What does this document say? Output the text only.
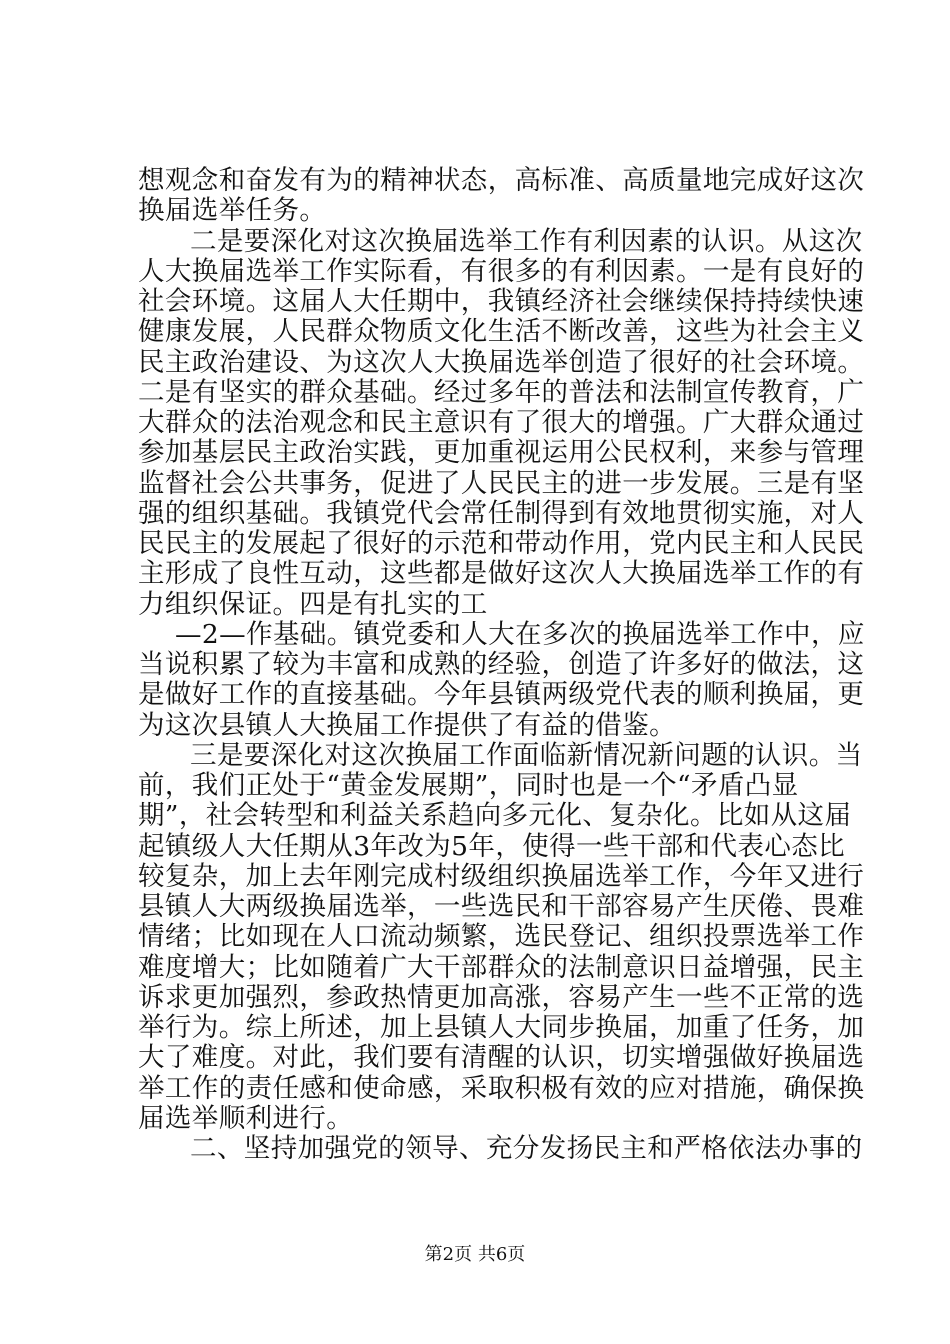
想观念和奋发有为的精神状态，高标准、高质量地完成好这次
换届选举任务。
二是要深化对这次换届选举工作有利因素的认识。从这次
人大换届选举工作实际看，有很多的有利因素。一是有良好的
社会环境。这届人大任期中，我镇经济社会继续保持持续快速
健康发展，人民群众物质文化生活不断改善，这些为社会主义
民主政治建设、为这次人大换届选举创造了很好的社会环境。
二是有坚实的群众基础。经过多年的普法和法制宣传教育，广
大群众的法治观念和民主意识有了很大的增强。广大群众通过
参加基层民主政治实践，更加重视运用公民权利，来参与管理
监督社会公共事务，促进了人民民主的进一步发展。三是有坚
强的组织基础。我镇党代会常任制得到有效地贯彻实施，对人
民民主的发展起了很好的示范和带动作用，党内民主和人民民
主形成了良性互动，这些都是做好这次人大换届选举工作的有
力组织保证。四是有扎实的工
—2—作基础。镇党委和人大在多次的换届选举工作中，应
当说积累了较为丰富和成熟的经验，创造了许多好的做法，这
是做好工作的直接基础。今年县镇两级党代表的顺利换届，更
为这次县镇人大换届工作提供了有益的借鉴。
三是要深化对这次换届工作面临新情况新问题的认识。当
前，我们正处于“黄金发展期”，同时也是一个“矛盾凸显
期”，社会转型和利益关系趋向多元化、复杂化。比如从这届
起镇级人大任期从3年改为5年，使得一些干部和代表心态比
较复杂，加上去年刚完成村级组织换届选举工作，今年又进行
县镇人大两级换届选举，一些选民和干部容易产生厌倦、畏难
情绪；比如现在人口流动频繁，选民登记、组织投票选举工作
难度增大；比如随着广大干部群众的法制意识日益增强，民主
诉求更加强烈，参政热情更加高涨，容易产生一些不正常的选
举行为。综上所述，加上县镇人大同步换届，加重了任务，加
大了难度。对此，我们要有清醒的认识，切实增强做好换届选
举工作的责任感和使命感，采取积极有效的应对措施，确保换
届选举顺利进行。
二、坚持加强党的领导、充分发扬民主和严格依法办事的
第2页 共6页
